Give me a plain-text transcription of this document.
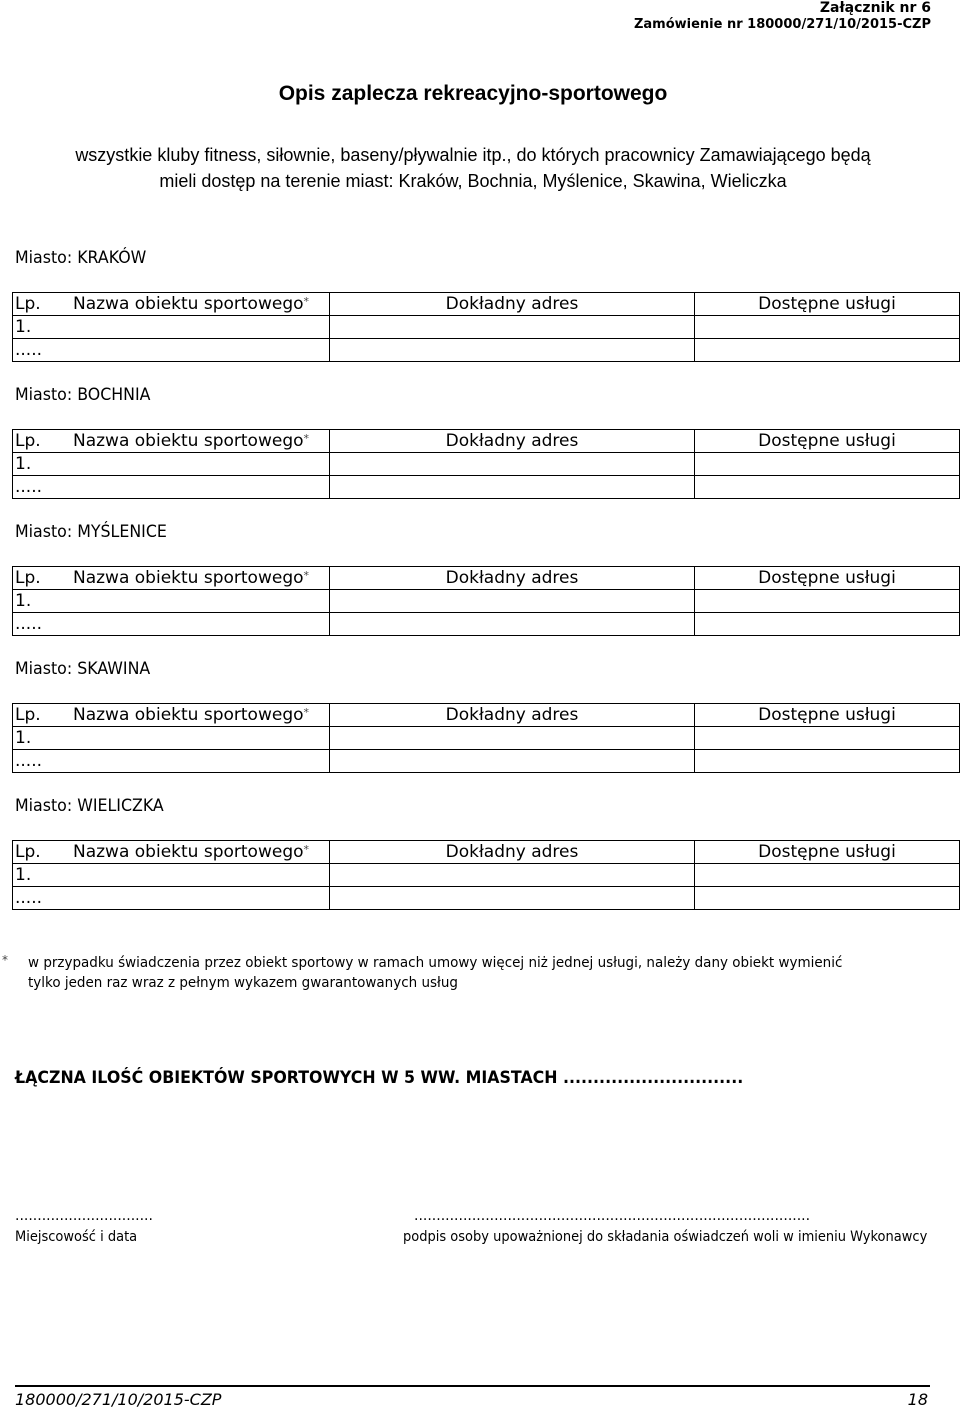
Załącznik nr 6
Zamówienie nr 180000/271/10/2015-CZP
Opis zaplecza rekreacyjno-sportowego
wszystkie kluby fitness, siłownie, baseny/pływalnie itp., do których pracownicy Zamawiającego będą
mieli dostęp na terenie miast: Kraków, Bochnia, Myślenice, Skawina, Wieliczka
Miasto: KRAKÓW
Lp.	Nazwa obiektu sportowego*	Dokładny adres	Dostępne usługi
1.			
.....			
Miasto: BOCHNIA
Lp.	Nazwa obiektu sportowego*	Dokładny adres	Dostępne usługi
1.			
.....			
Miasto: MYŚLENICE
Lp.	Nazwa obiektu sportowego*	Dokładny adres	Dostępne usługi
1.			
.....			
Miasto: SKAWINA
Lp.	Nazwa obiektu sportowego*	Dokładny adres	Dostępne usługi
1.			
.....			
Miasto: WIELICZKA
Lp.	Nazwa obiektu sportowego*	Dokładny adres	Dostępne usługi
1.			
.....			
* w przypadku świadczenia przez obiekt sportowy w ramach umowy więcej niż jednej usługi, należy dany obiekt wymienić
tylko jeden raz wraz z pełnym wykazem gwarantowanych usług
ŁĄCZNA ILOŚĆ OBIEKTÓW SPORTOWYCH W 5 WW. MIASTACH ..............................
...............................	.........................................................................................
Miejscowość i data	podpis osoby upoważnionej do składania oświadczeń woli w imieniu Wykonawcy
180000/271/10/2015-CZP	18
